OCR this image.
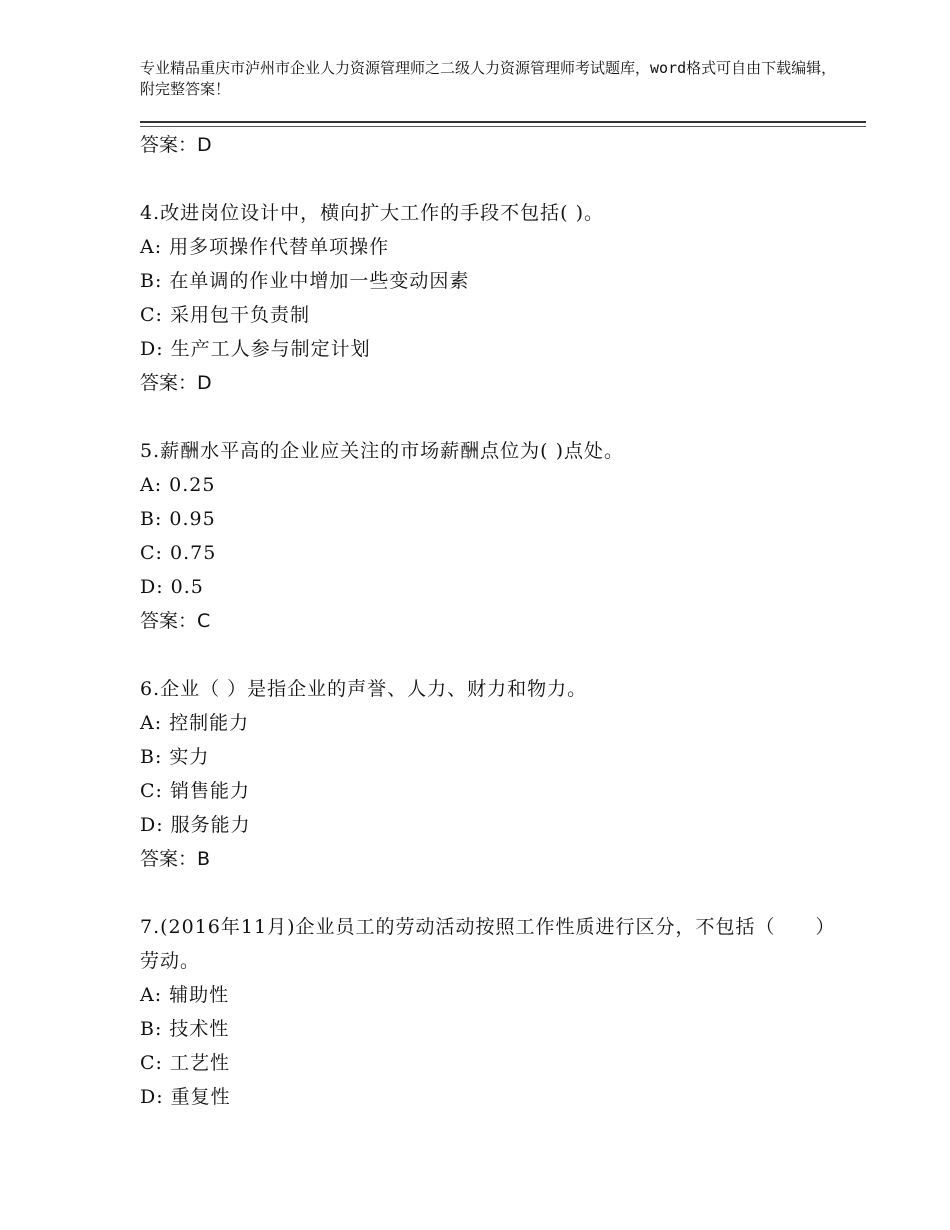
专业精品重庆市泸州市企业人力资源管理师之二级人力资源管理师考试题库，word格式可自由下载编辑，附完整答案！
答案：D
4.改进岗位设计中，横向扩大工作的手段不包括( )。
A: 用多项操作代替单项操作
B: 在单调的作业中增加一些变动因素
C: 采用包干负责制
D: 生产工人参与制定计划
答案：D
5.薪酬水平高的企业应关注的市场薪酬点位为( )点处。
A: 0.25
B: 0.95
C: 0.75
D: 0.5
答案：C
6.企业（ ）是指企业的声誉、人力、财力和物力。
A: 控制能力
B: 实力
C: 销售能力
D: 服务能力
答案：B
7.(2016年11月)企业员工的劳动活动按照工作性质进行区分，不包括（　　）劳动。
A: 辅助性
B: 技术性
C: 工艺性
D: 重复性
